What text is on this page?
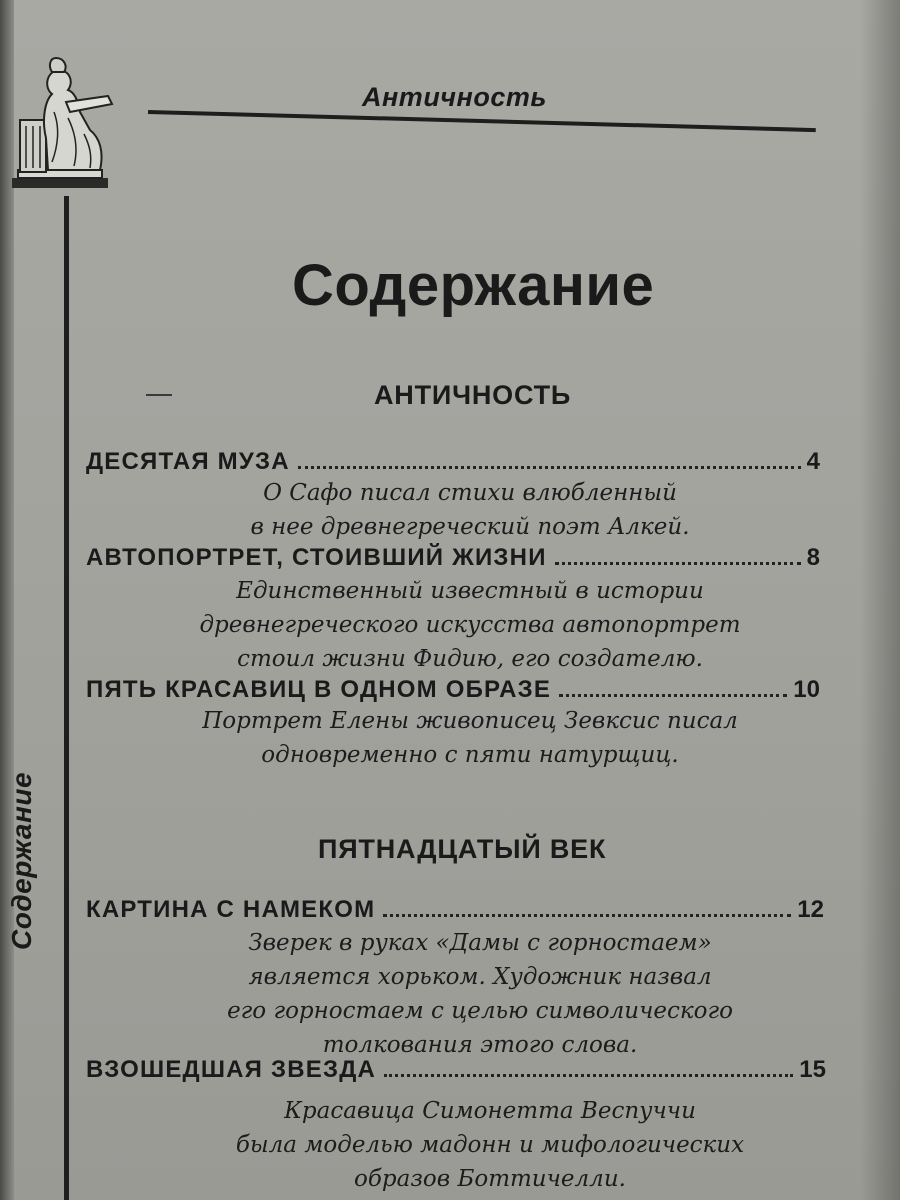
Античность
Содержание
Содержание
АНТИЧНОСТЬ
ДЕСЯТАЯ МУЗА	4
О Сафо писал стихи влюбленный
в нее древнегреческий поэт Алкей.
АВТОПОРТРЕТ, СТОИВШИЙ ЖИЗНИ	8
Единственный известный в истории
древнегреческого искусства автопортрет
стоил жизни Фидию, его создателю.
ПЯТЬ КРАСАВИЦ В ОДНОМ ОБРАЗЕ	10
Портрет Елены живописец Зевксис писал
одновременно с пяти натурщиц.
ПЯТНАДЦАТЫЙ ВЕК
КАРТИНА С НАМЕКОМ	12
Зверек в руках «Дамы с горностаем»
является хорьком. Художник назвал
его горностаем с целью символического
толкования этого слова.
ВЗОШЕДШАЯ ЗВЕЗДА	15
Красавица Симонетта Веспуччи
была моделью мадонн и мифологических
образов Боттичелли.
